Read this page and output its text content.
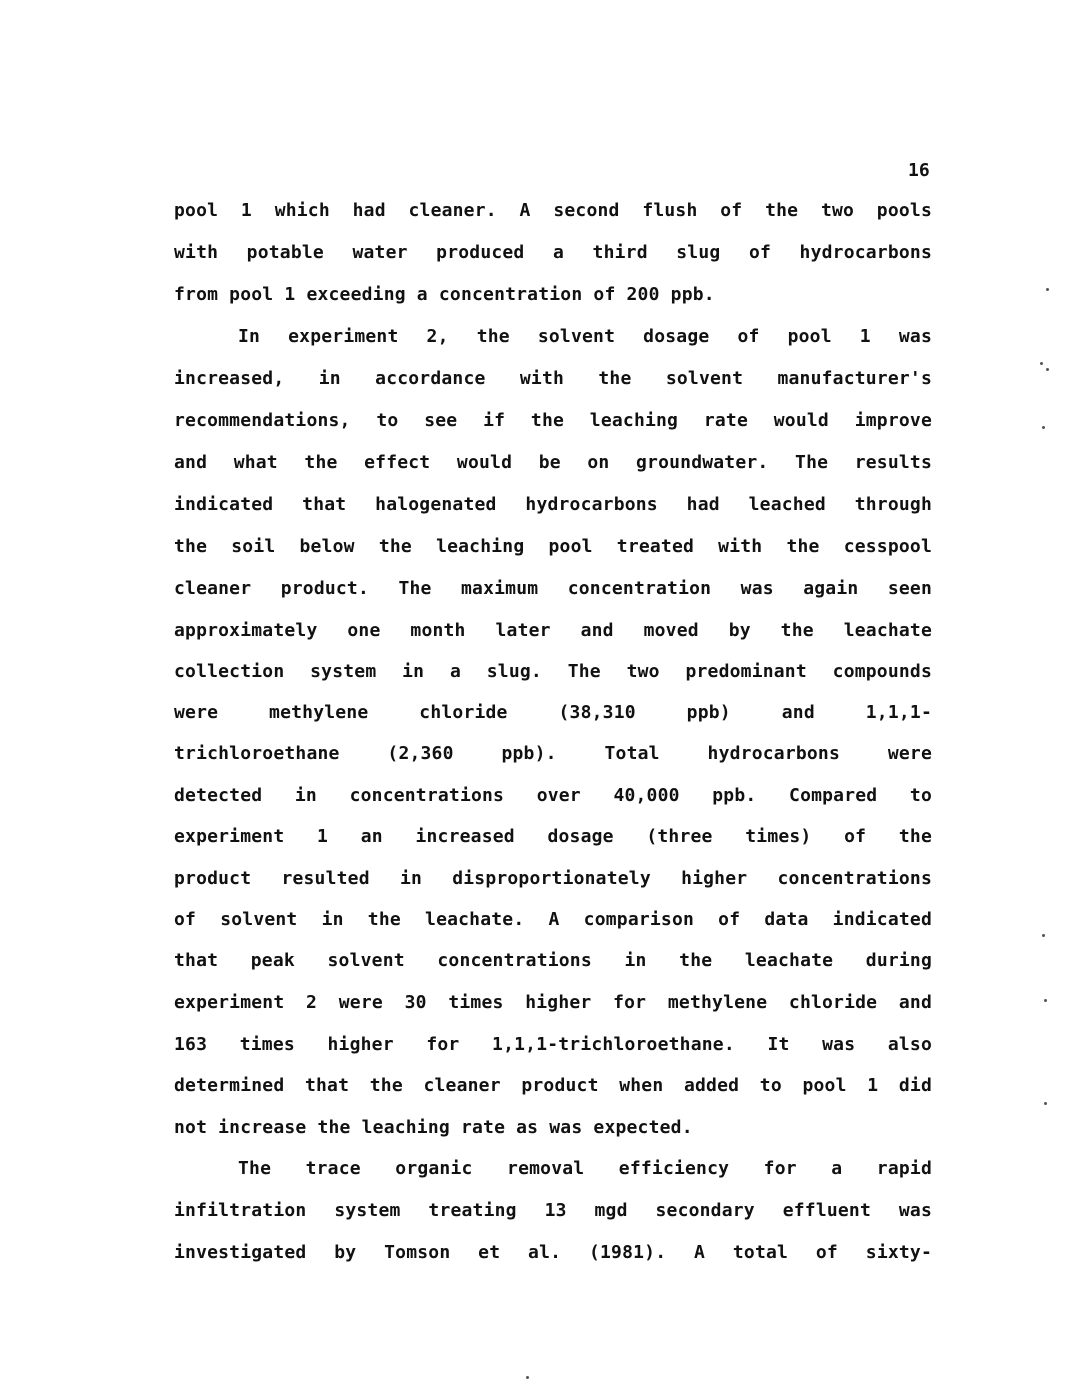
16
pool 1 which had cleaner. A second flush of the two pools
with potable water produced a third slug of hydrocarbons
from pool 1 exceeding a concentration of 200 ppb.
In experiment 2, the solvent dosage of pool 1 was
increased, in accordance with the solvent manufacturer's
recommendations, to see if the leaching rate would improve
and what the effect would be on groundwater. The results
indicated that halogenated hydrocarbons had leached through
the soil below the leaching pool treated with the cesspool
cleaner product. The maximum concentration was again seen
approximately one month later and moved by the leachate
collection system in a slug. The two predominant compounds
were methylene chloride (38,310 ppb) and 1,1,1-
trichloroethane (2,360 ppb). Total hydrocarbons were
detected in concentrations over 40,000 ppb. Compared to
experiment 1 an increased dosage (three times) of the
product resulted in disproportionately higher concentrations
of solvent in the leachate. A comparison of data indicated
that peak solvent concentrations in the leachate during
experiment 2 were 30 times higher for methylene chloride and
163 times higher for 1,1,1-trichloroethane. It was also
determined that the cleaner product when added to pool 1 did
not increase the leaching rate as was expected.
The trace organic removal efficiency for a rapid
infiltration system treating 13 mgd secondary effluent was
investigated by Tomson et al. (1981). A total of sixty-
